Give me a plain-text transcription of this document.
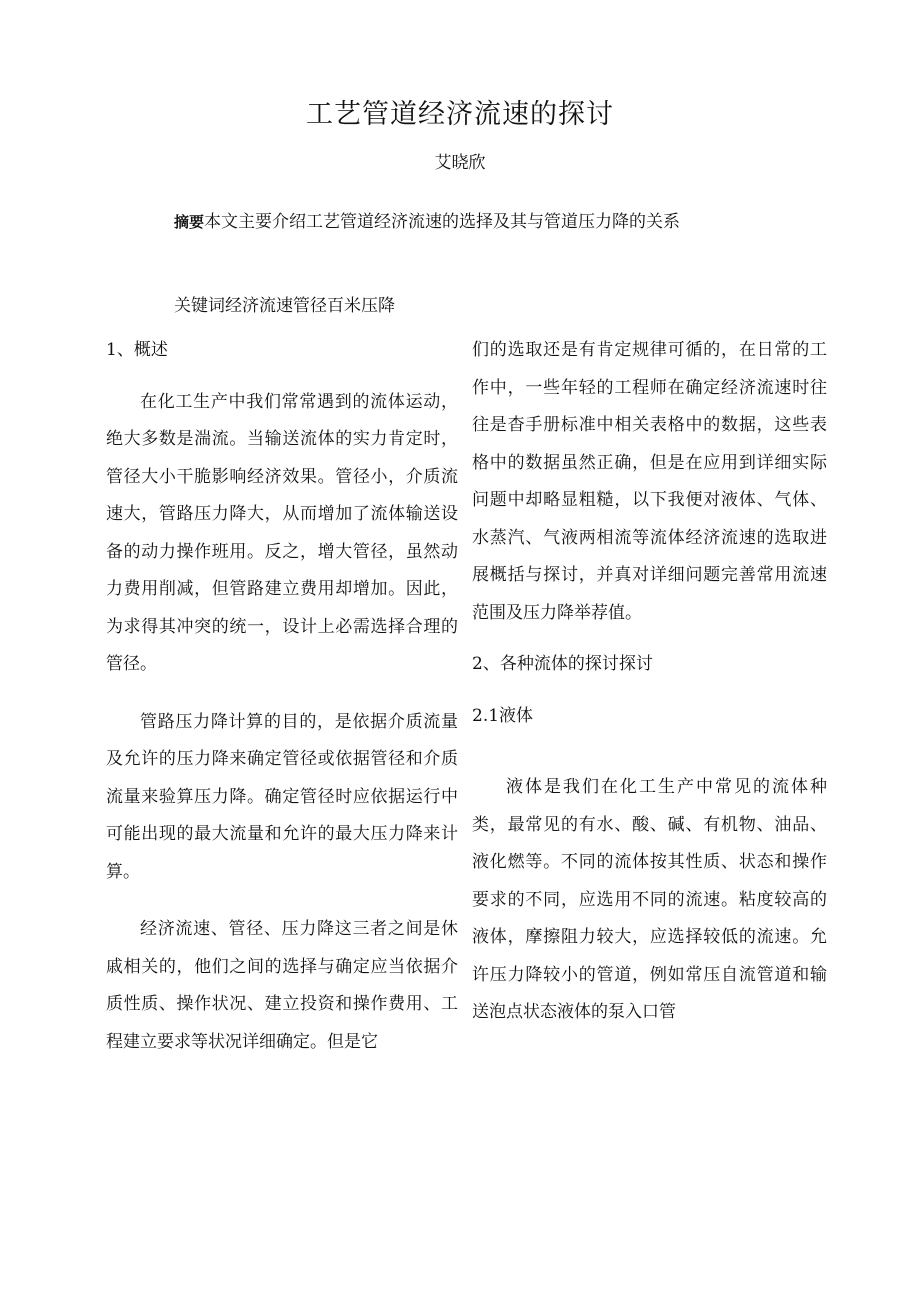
工艺管道经济流速的探讨
艾晓欣
摘要本文主要介绍工艺管道经济流速的选择及其与管道压力降的关系
关键词经济流速管径百米压降

1、概述

在化工生产中我们常常遇到的流体运动，绝大多数是湍流。当输送流体的实力肯定时，管径大小干脆影响经济效果。管径小，介质流速大，管路压力降大，从而增加了流体输送设备的动力操作班用。反之，增大管径，虽然动力费用削减，但管路建立费用却增加。因此，为求得其冲突的统一，设计上必需选择合理的管径。

管路压力降计算的目的，是依据介质流量及允许的压力降来确定管径或依据管径和介质流量来验算压力降。确定管径时应依据运行中可能出现的最大流量和允许的最大压力降来计算。

经济流速、管径、压力降这三者之间是休戚相关的，他们之间的选择与确定应当依据介质性质、操作状况、建立投资和操作费用、工程建立要求等状况详细确定。但是它

们的选取还是有肯定规律可循的，在日常的工作中，一些年轻的工程师在确定经济流速时往往是杳手册标准中相关表格中的数据，这些表格中的数据虽然正确，但是在应用到详细实际问题中却略显粗糙，以下我便对液体、气体、水蒸汽、气液两相流等流体经济流速的选取进展概括与探讨，并真对详细问题完善常用流速范围及压力降举荐值。

2、各种流体的探讨探讨

2.1液体

液体是我们在化工生产中常见的流体种类，最常见的有水、酸、碱、有机物、油品、液化燃等。不同的流体按其性质、状态和操作要求的不同，应选用不同的流速。粘度较高的液体，摩擦阻力较大，应选择较低的流速。允许压力降较小的管道，例如常压自流管道和输送泡点状态液体的泵入口管
